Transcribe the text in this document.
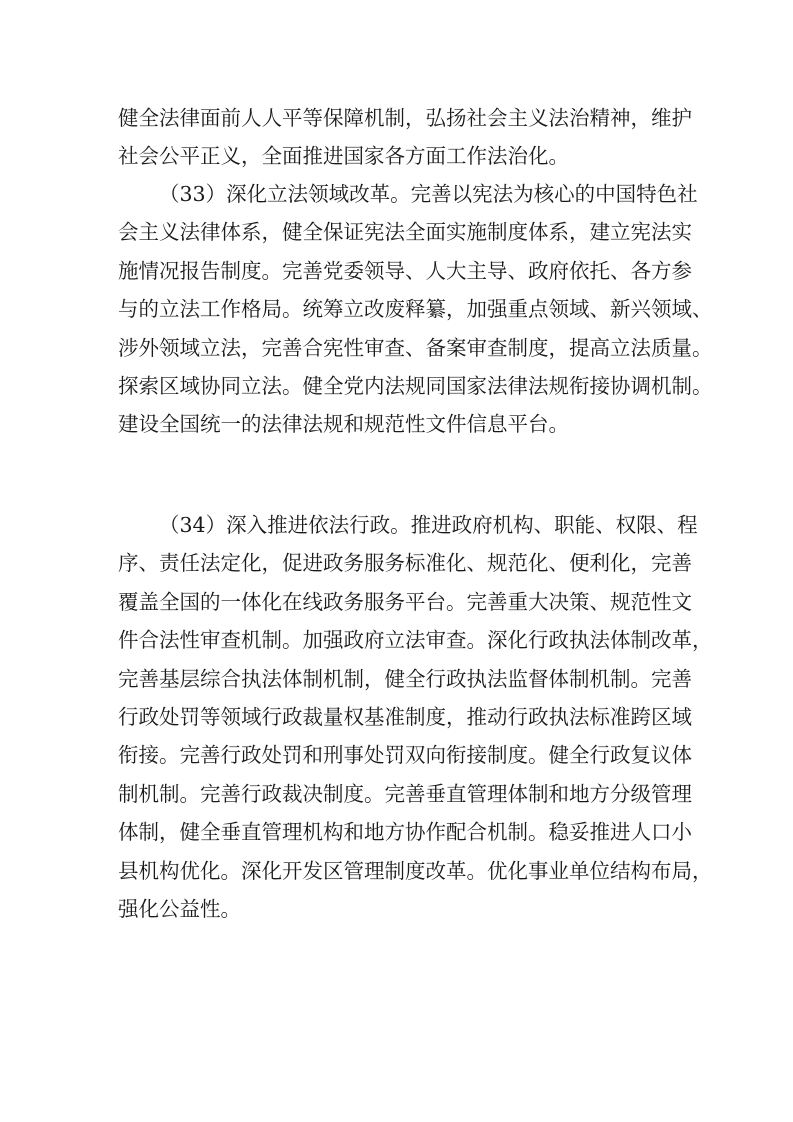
健全法律面前人人平等保障机制，弘扬社会主义法治精神，维护
社会公平正义，全面推进国家各方面工作法治化。
（33）深化立法领域改革。完善以宪法为核心的中国特色社
会主义法律体系，健全保证宪法全面实施制度体系，建立宪法实
施情况报告制度。完善党委领导、人大主导、政府依托、各方参
与的立法工作格局。统筹立改废释纂，加强重点领域、新兴领域、
涉外领域立法，完善合宪性审查、备案审查制度，提高立法质量。
探索区域协同立法。健全党内法规同国家法律法规衔接协调机制。
建设全国统一的法律法规和规范性文件信息平台。
（34）深入推进依法行政。推进政府机构、职能、权限、程
序、责任法定化，促进政务服务标准化、规范化、便利化，完善
覆盖全国的一体化在线政务服务平台。完善重大决策、规范性文
件合法性审查机制。加强政府立法审查。深化行政执法体制改革，
完善基层综合执法体制机制，健全行政执法监督体制机制。完善
行政处罚等领域行政裁量权基准制度，推动行政执法标准跨区域
衔接。完善行政处罚和刑事处罚双向衔接制度。健全行政复议体
制机制。完善行政裁决制度。完善垂直管理体制和地方分级管理
体制，健全垂直管理机构和地方协作配合机制。稳妥推进人口小
县机构优化。深化开发区管理制度改革。优化事业单位结构布局，
强化公益性。
